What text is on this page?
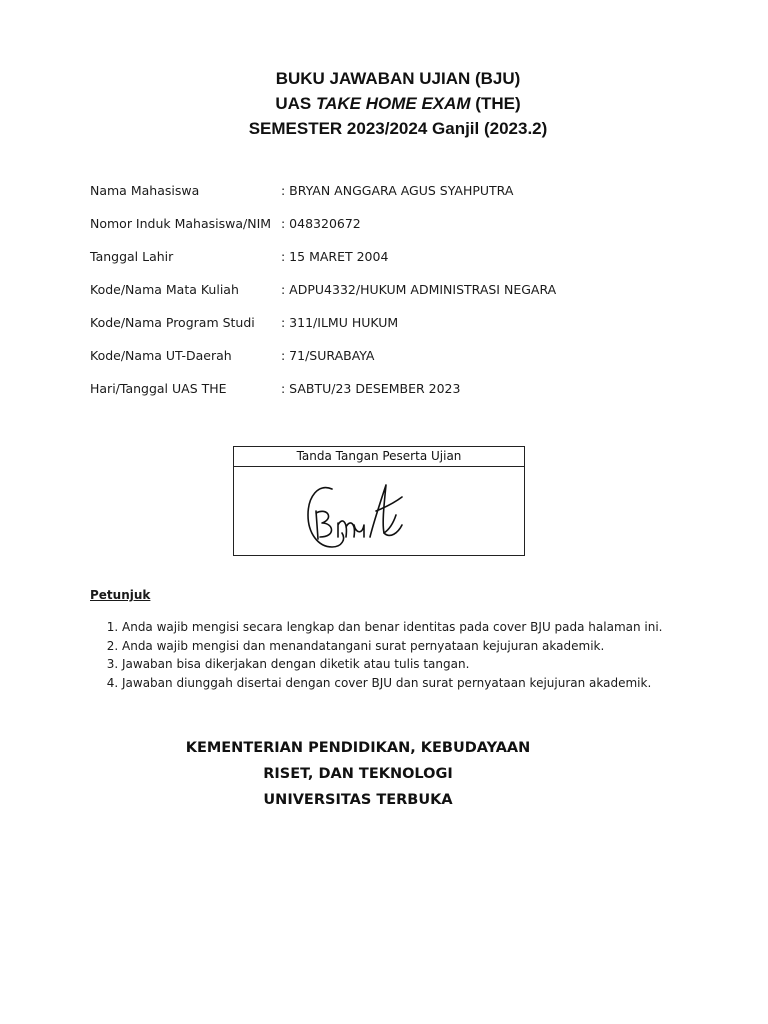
BUKU JAWABAN UJIAN (BJU)
UAS TAKE HOME EXAM (THE)
SEMESTER 2023/2024 Ganjil (2023.2)
Nama Mahasiswa	: BRYAN ANGGARA AGUS SYAHPUTRA
Nomor Induk Mahasiswa/NIM : 048320672
Tanggal Lahir	: 15 MARET 2004
Kode/Nama Mata Kuliah	: ADPU4332/HUKUM ADMINISTRASI NEGARA
Kode/Nama Program Studi : 311/ILMU HUKUM
Kode/Nama UT-Daerah	: 71/SURABAYA
Hari/Tanggal UAS THE	: SABTU/23 DESEMBER 2023
Tanda Tangan Peserta Ujian
Petunjuk
1. Anda wajib mengisi secara lengkap dan benar identitas pada cover BJU pada halaman ini.
2. Anda wajib mengisi dan menandatangani surat pernyataan kejujuran akademik.
3. Jawaban bisa dikerjakan dengan diketik atau tulis tangan.
4. Jawaban diunggah disertai dengan cover BJU dan surat pernyataan kejujuran akademik.
KEMENTERIAN PENDIDIKAN, KEBUDAYAAN
RISET, DAN TEKNOLOGI
UNIVERSITAS TERBUKA
